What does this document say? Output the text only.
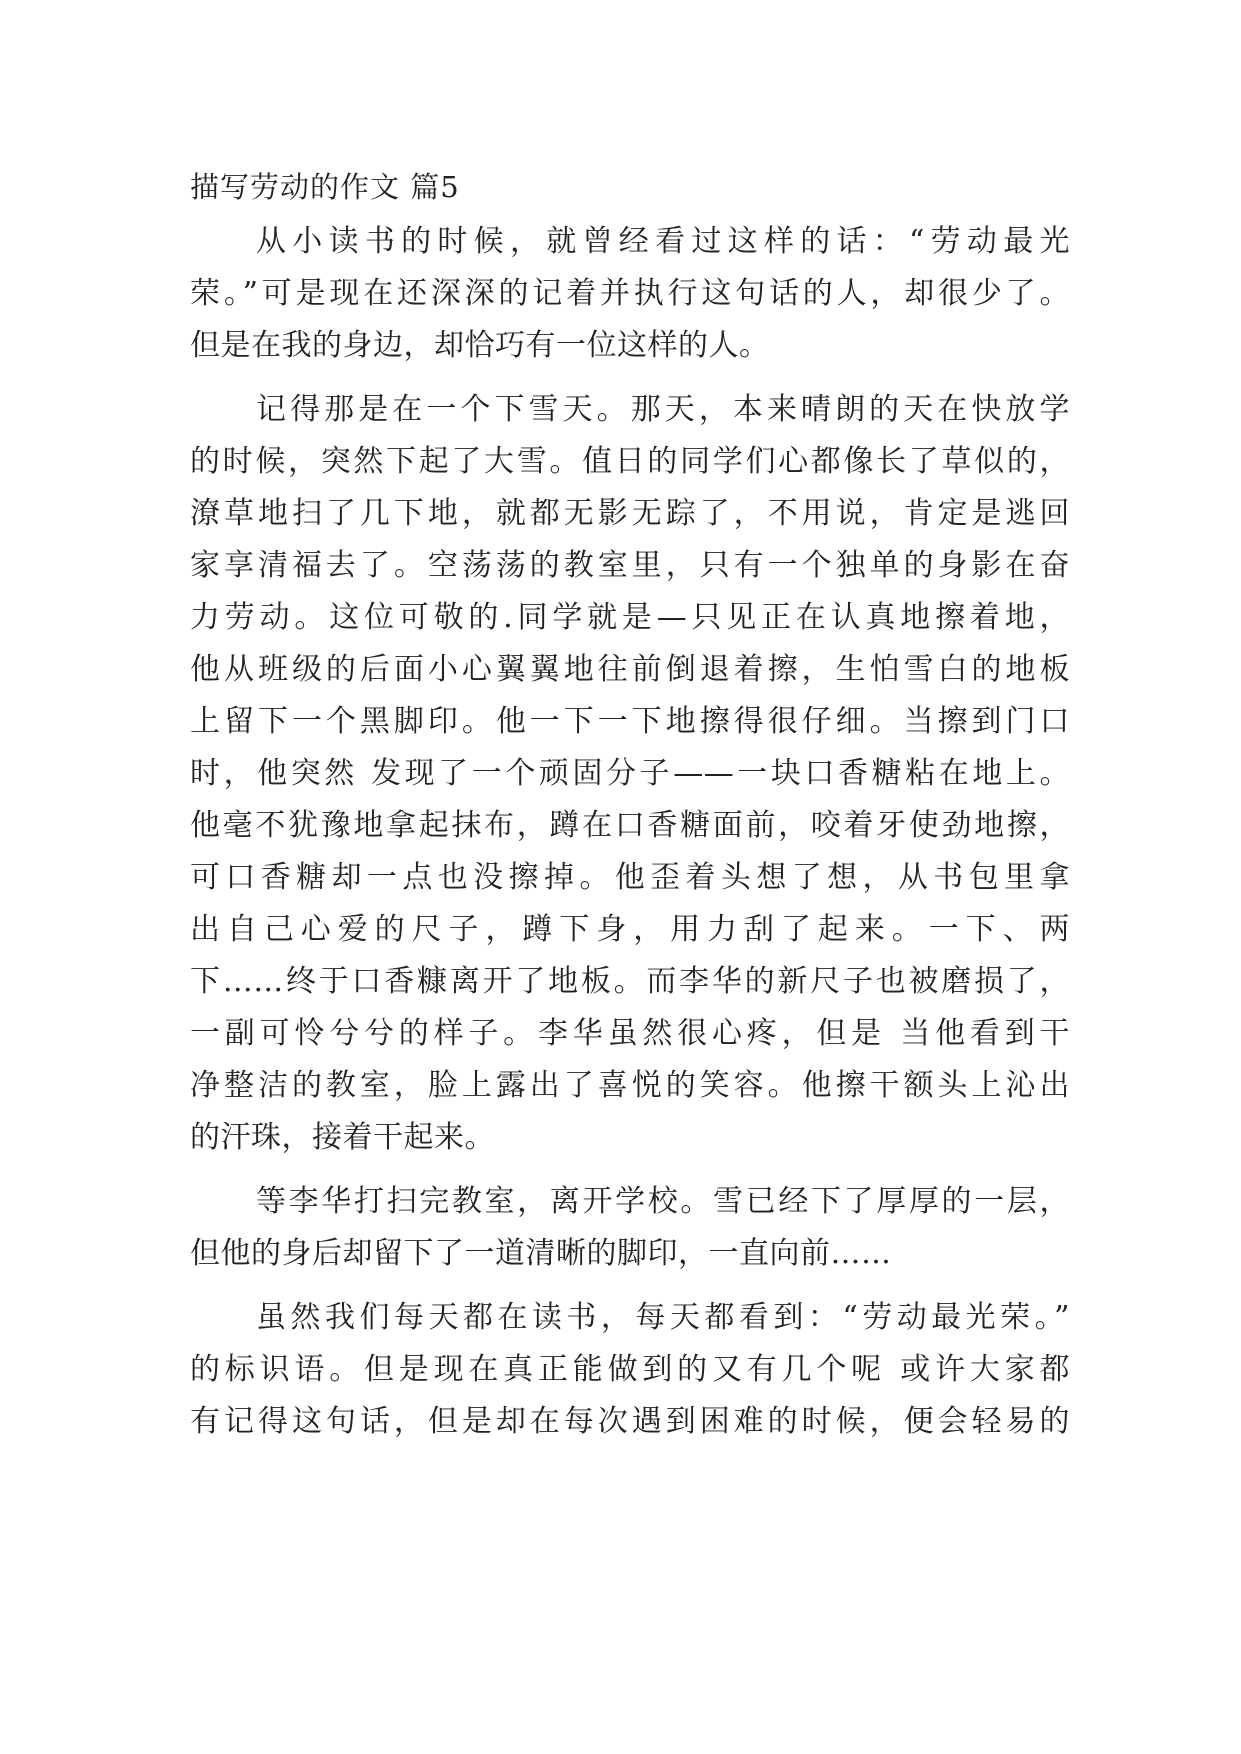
描写劳动的作文 篇5
从小读书的时候，就曾经看过这样的话：“劳动最光
荣。”可是现在还深深的记着并执行这句话的人，却很少了。
但是在我的身边，却恰巧有一位这样的人。
记得那是在一个下雪天。那天，本来晴朗的天在快放学
的时候，突然下起了大雪。值日的同学们心都像长了草似的，
潦草地扫了几下地，就都无影无踪了，不用说，肯定是逃回
家享清福去了。空荡荡的教室里，只有一个独单的身影在奋
力劳动。这位可敬的.同学就是—只见正在认真地擦着地，
他从班级的后面小心翼翼地往前倒退着擦，生怕雪白的地板
上留下一个黑脚印。他一下一下地擦得很仔细。当擦到门口
时，他突然 发现了一个顽固分子——一块口香糖粘在地上。
他毫不犹豫地拿起抹布，蹲在口香糖面前，咬着牙使劲地擦，
可口香糖却一点也没擦掉。他歪着头想了想，从书包里拿
出自己心爱的尺子，蹲下身，用力刮了起来。一下、两
下……终于口香糠离开了地板。而李华的新尺子也被磨损了，
一副可怜兮兮的样子。李华虽然很心疼，但是 当他看到干
净整洁的教室，脸上露出了喜悦的笑容。他擦干额头上沁出
的汗珠，接着干起来。
等李华打扫完教室，离开学校。雪已经下了厚厚的一层，
但他的身后却留下了一道清晰的脚印，一直向前……
虽然我们每天都在读书，每天都看到：“劳动最光荣。”
的标识语。但是现在真正能做到的又有几个呢 或许大家都
有记得这句话，但是却在每次遇到困难的时候，便会轻易的
